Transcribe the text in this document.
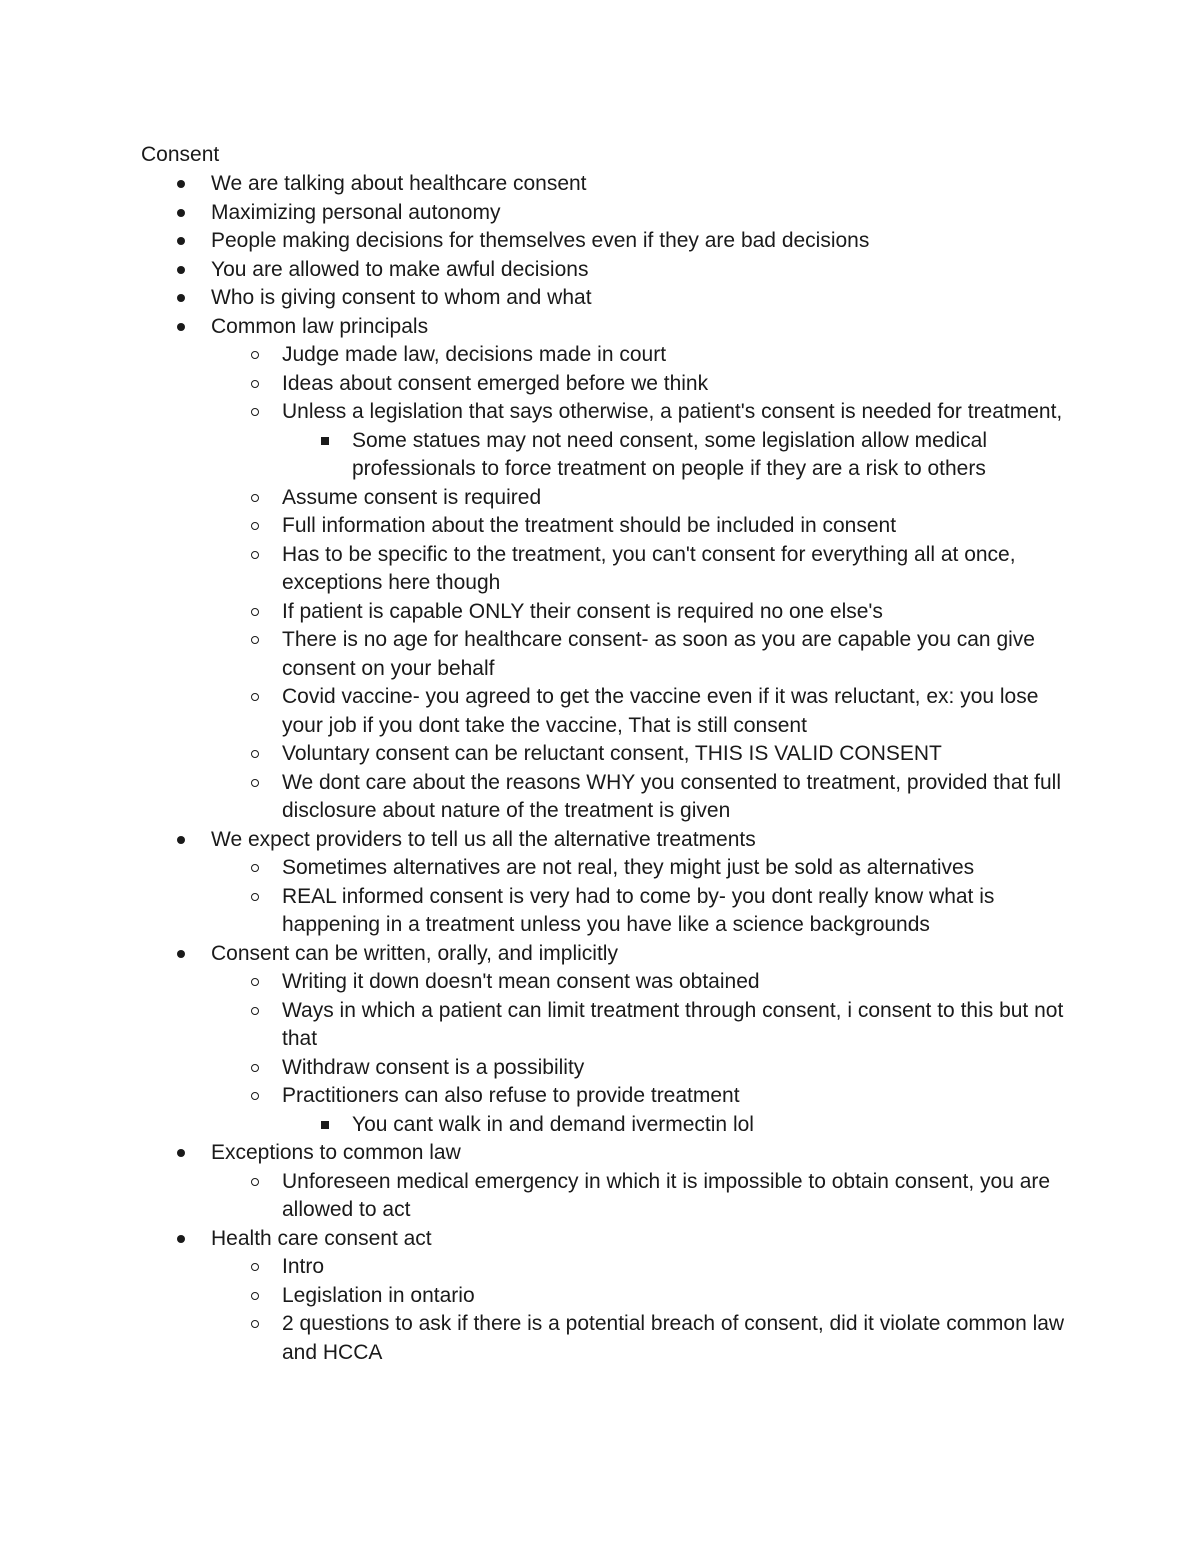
Consent
We are talking about healthcare consent
Maximizing personal autonomy
People making decisions for themselves even if they are bad decisions
You are allowed to make awful decisions
Who is giving consent to whom and what
Common law principals
Judge made law, decisions made in court
Ideas about consent emerged before we think
Unless a legislation that says otherwise, a patient's consent is needed for treatment,
Some statues may not need consent, some legislation allow medical professionals to force treatment on people if they are a risk to others
Assume consent is required
Full information about the treatment should be included in consent
Has to be specific to the treatment, you can't consent for everything all at once, exceptions here though
If patient is capable ONLY their consent is required no one else's
There is no age for healthcare consent- as soon as you are capable you can give consent on your behalf
Covid vaccine- you agreed to get the vaccine even if it was reluctant, ex: you lose your job if you dont take the vaccine, That is still consent
Voluntary consent can be reluctant consent, THIS IS VALID CONSENT
We dont care about the reasons WHY you consented to treatment, provided that full disclosure about nature of the treatment is given
We expect providers to tell us all the alternative treatments
Sometimes alternatives are not real, they might just be sold as alternatives
REAL informed consent is very had to come by- you dont really know what is happening in a treatment unless you have like a science backgrounds
Consent can be written, orally, and implicitly
Writing it down doesn't mean consent was obtained
Ways in which a patient can limit treatment through consent, i consent to this but not that
Withdraw consent is a possibility
Practitioners can also refuse to provide treatment
You cant walk in and demand ivermectin lol
Exceptions to common law
Unforeseen medical emergency in which it is impossible to obtain consent, you are allowed to act
Health care consent act
Intro
Legislation in ontario
2 questions to ask if there is a potential breach of consent, did it violate common law and HCCA
